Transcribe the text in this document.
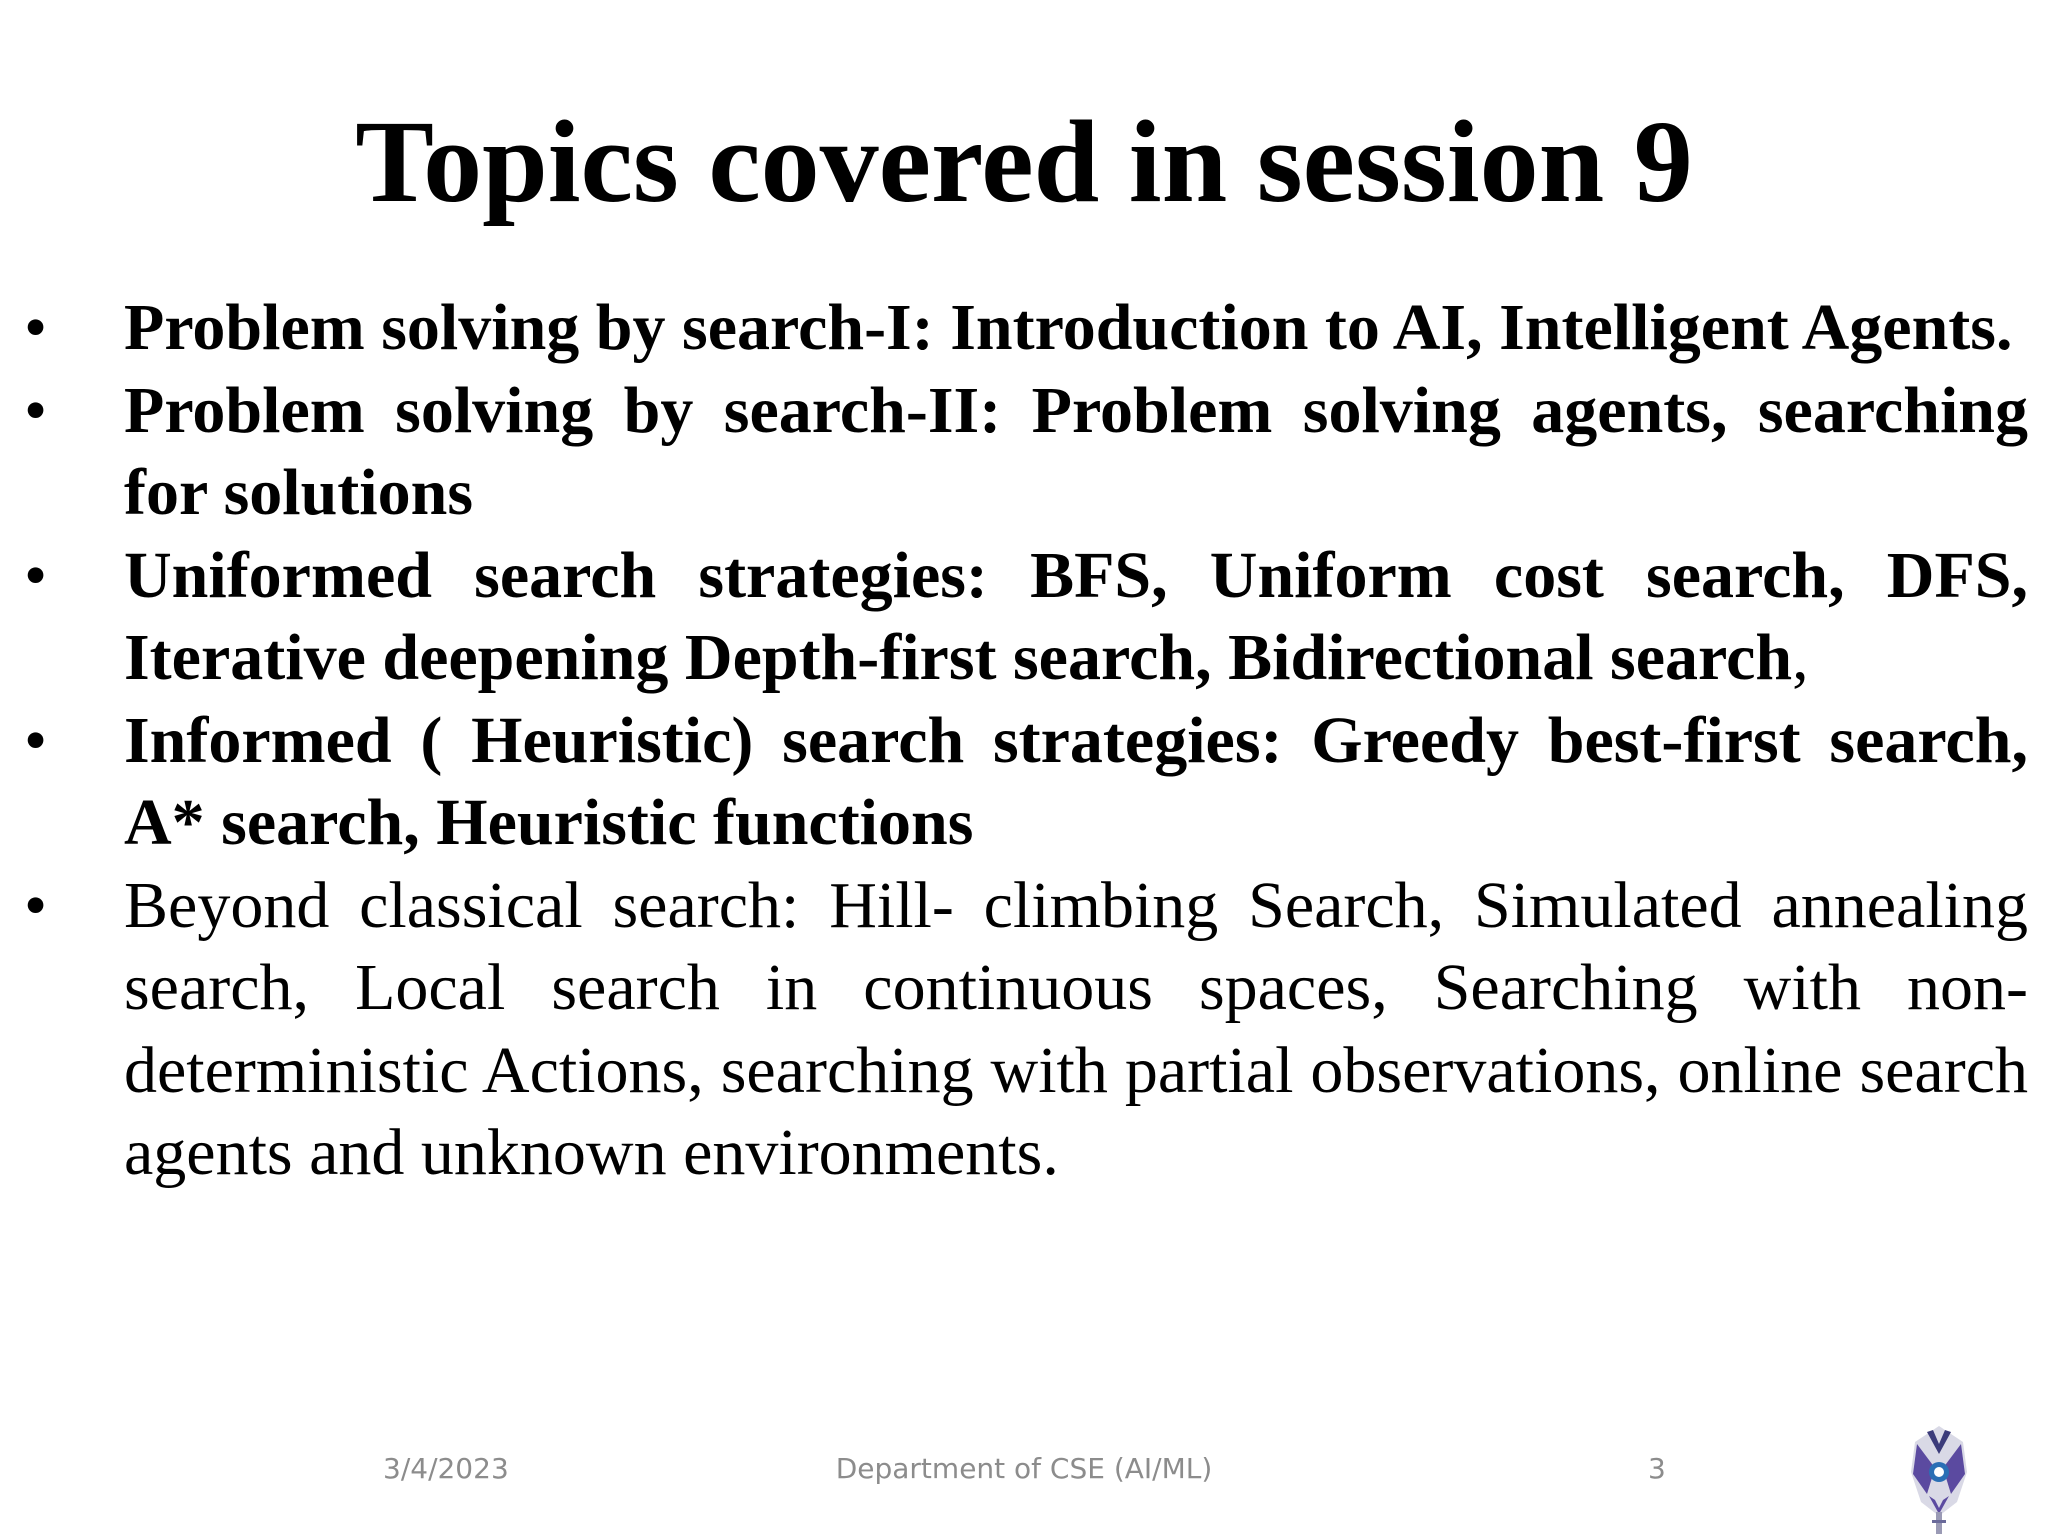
Topics covered in session 9
• Problem solving by search-I: Introduction to AI, Intelligent Agents.
• Problem solving by search-II: Problem solving agents, searching for solutions
• Uniformed search strategies: BFS, Uniform cost search, DFS, Iterative deepening Depth-first search, Bidirectional search,
• Informed ( Heuristic) search strategies: Greedy best-first search, A* search, Heuristic functions
• Beyond classical search: Hill- climbing Search, Simulated annealing search, Local search in continuous spaces, Searching with non-deterministic Actions, searching with partial observations, online search agents and unknown environments.
3/4/2023	Department of CSE (AI/ML)	3
